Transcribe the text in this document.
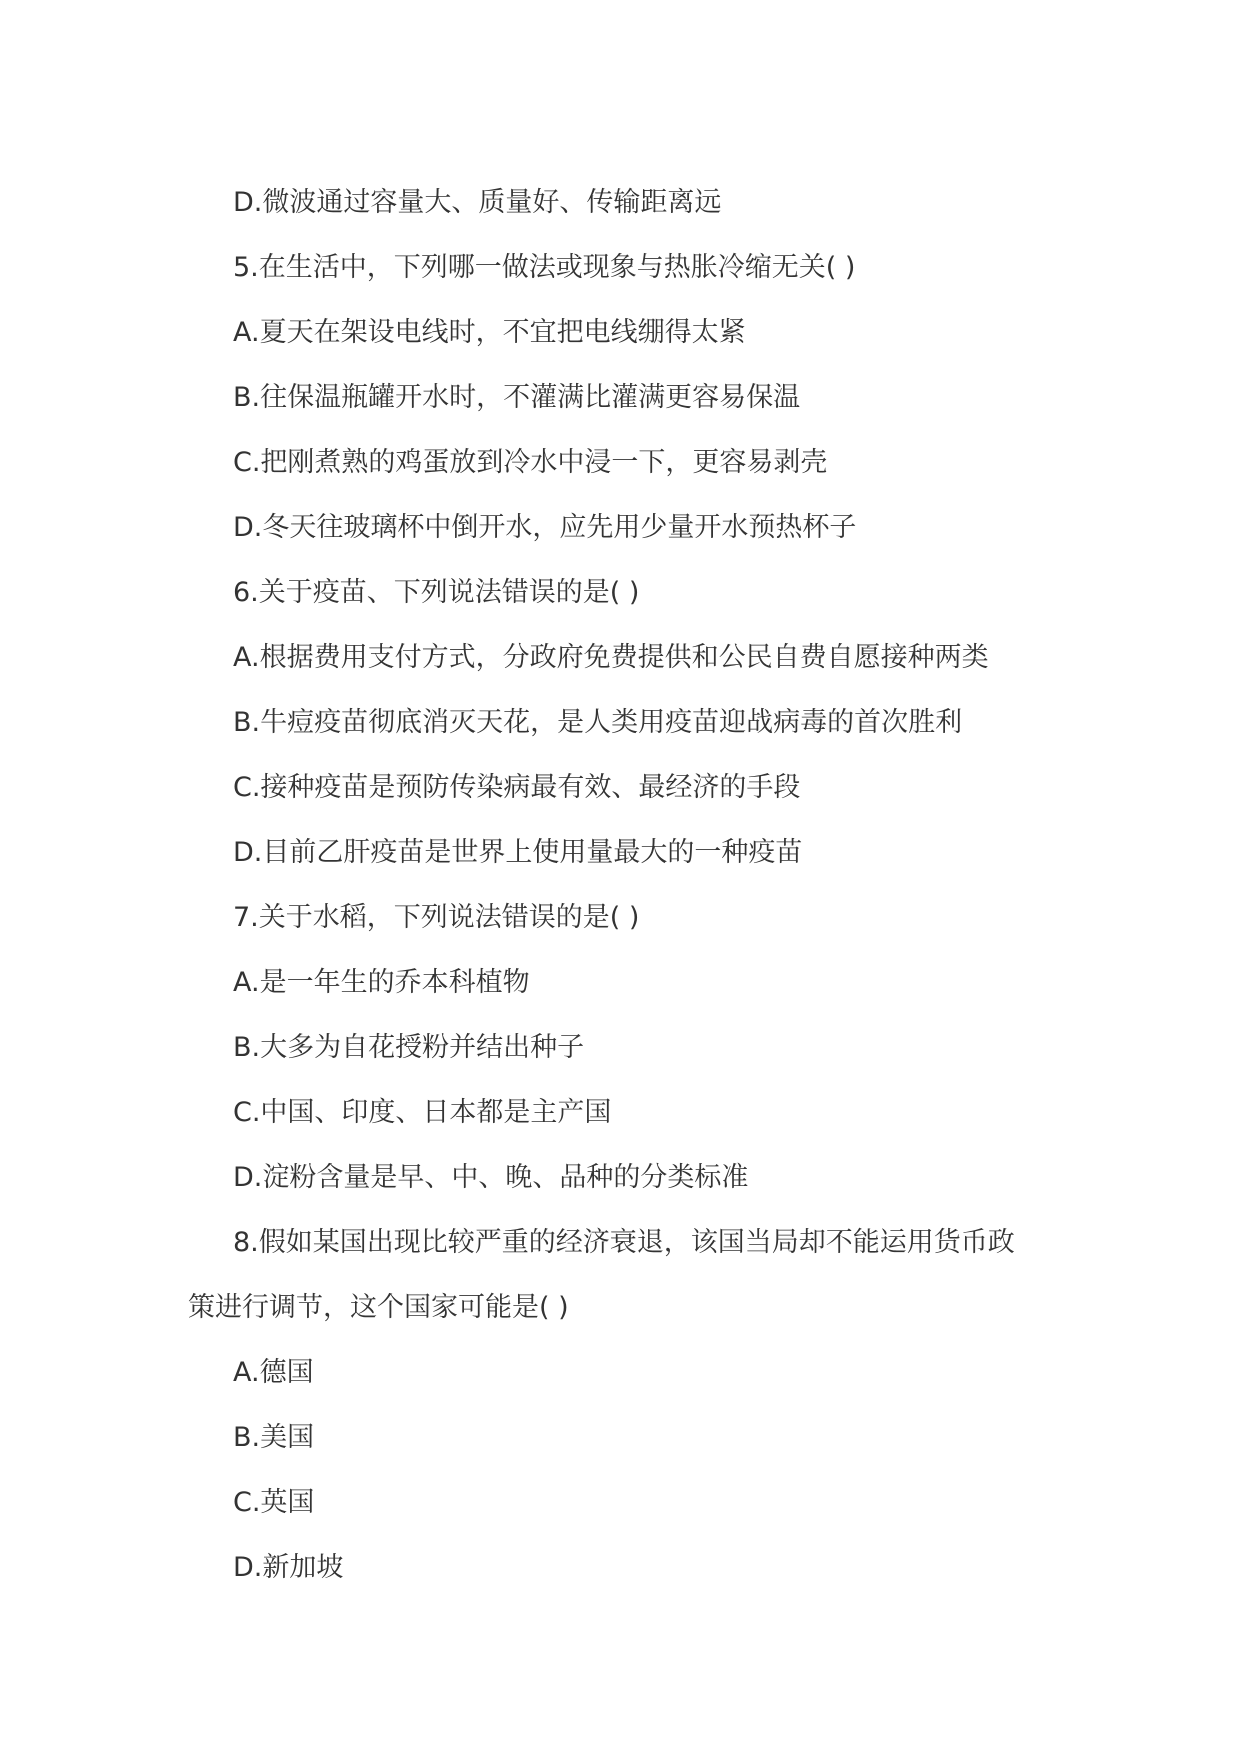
D.微波通过容量大、质量好、传输距离远
5.在生活中，下列哪一做法或现象与热胀冷缩无关( )
A.夏天在架设电线时，不宜把电线绷得太紧
B.往保温瓶罐开水时，不灌满比灌满更容易保温
C.把刚煮熟的鸡蛋放到冷水中浸一下，更容易剥壳
D.冬天往玻璃杯中倒开水，应先用少量开水预热杯子
6.关于疫苗、下列说法错误的是( )
A.根据费用支付方式，分政府免费提供和公民自费自愿接种两类
B.牛痘疫苗彻底消灭天花，是人类用疫苗迎战病毒的首次胜利
C.接种疫苗是预防传染病最有效、最经济的手段
D.目前乙肝疫苗是世界上使用量最大的一种疫苗
7.关于水稻，下列说法错误的是( )
A.是一年生的乔本科植物
B.大多为自花授粉并结出种子
C.中国、印度、日本都是主产国
D.淀粉含量是早、中、晚、品种的分类标准
8.假如某国出现比较严重的经济衰退，该国当局却不能运用货币政
策进行调节，这个国家可能是( )
A.德国
B.美国
C.英国
D.新加坡
